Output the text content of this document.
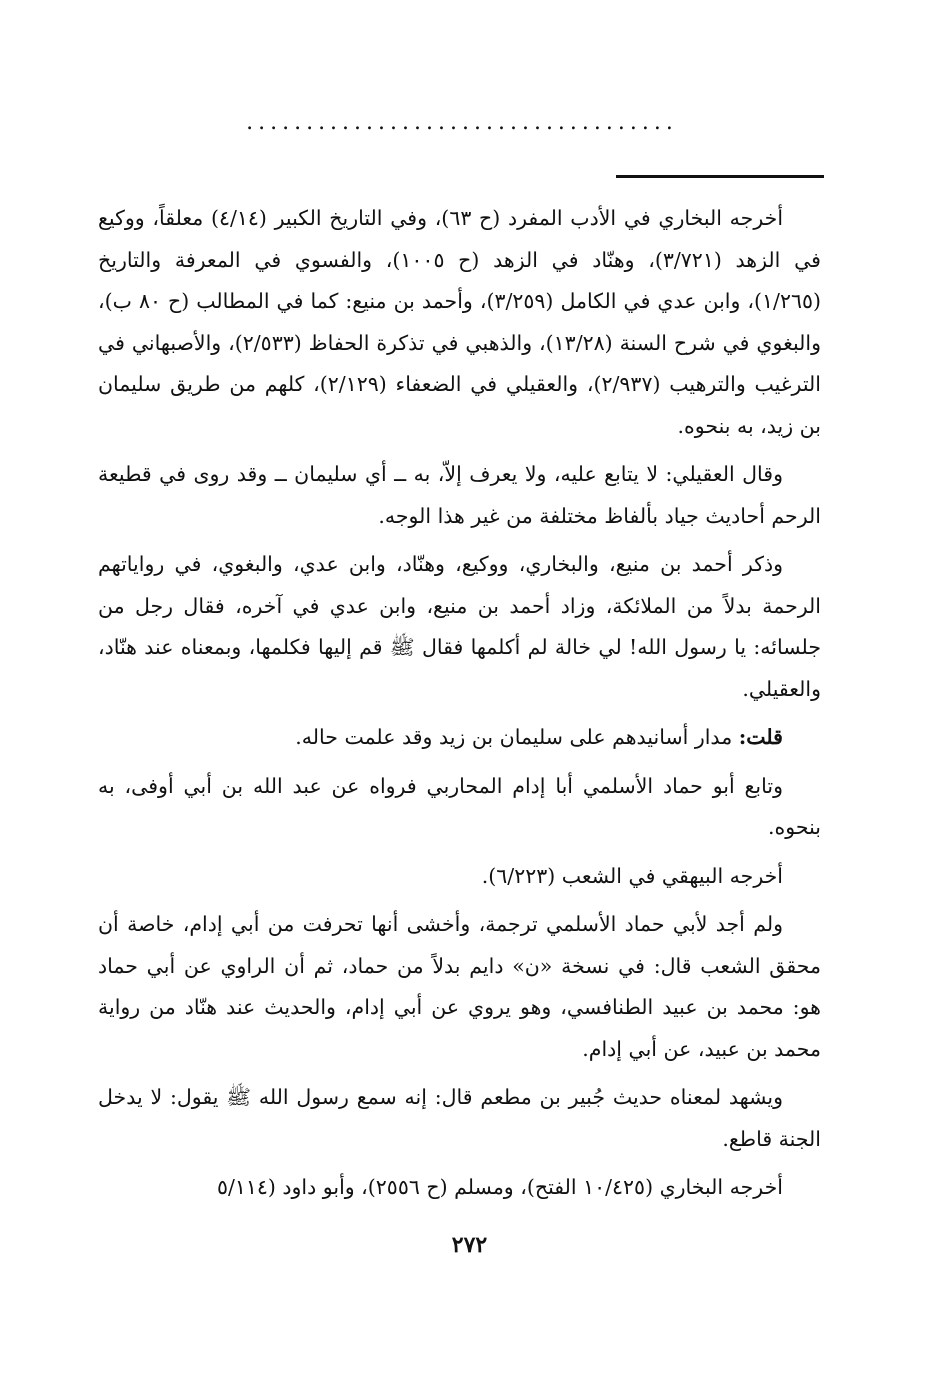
....................................

أخرجه البخاري في الأدب المفرد (ح ٦٣)، وفي التاريخ الكبير (٤/١٤) معلقاً، ووكيع في الزهد (٣/٧٢١)، وهنّاد في الزهد (ح ١٠٠٥)، والفسوي في المعرفة والتاريخ (١/٢٦٥)، وابن عدي في الكامل (٣/٢٥٩)، وأحمد بن منيع: كما في المطالب (ح ٨٠ ب)، والبغوي في شرح السنة (١٣/٢٨)، والذهبي في تذكرة الحفاظ (٢/٥٣٣)، والأصبهاني في الترغيب والترهيب (٢/٩٣٧)، والعقيلي في الضعفاء (٢/١٢٩)، كلهم من طريق سليمان بن زيد، به بنحوه.

وقال العقيلي: لا يتابع عليه، ولا يعرف إلاّ، به ــ أي سليمان ــ وقد روى في قطيعة الرحم أحاديث جياد بألفاظ مختلفة من غير هذا الوجه.

وذكر أحمد بن منيع، والبخاري، ووكيع، وهنّاد، وابن عدي، والبغوي، في رواياتهم الرحمة بدلاً من الملائكة، وزاد أحمد بن منيع، وابن عدي في آخره، فقال رجل من جلسائه: يا رسول الله! لي خالة لم أكلمها فقال ﷺ قم إليها فكلمها، وبمعناه عند هنّاد، والعقيلي.

قلت: مدار أسانيدهم على سليمان بن زيد وقد علمت حاله.

وتابع أبو حماد الأسلمي أبا إدام المحاربي فرواه عن عبد الله بن أبي أوفى، به بنحوه.

أخرجه البيهقي في الشعب (٦/٢٢٣).

ولم أجد لأبي حماد الأسلمي ترجمة، وأخشى أنها تحرفت من أبي إدام، خاصة أن محقق الشعب قال: في نسخة «ن» دايم بدلاً من حماد، ثم أن الراوي عن أبي حماد هو: محمد بن عبيد الطنافسي، وهو يروي عن أبي إدام، والحديث عند هنّاد من رواية محمد بن عبيد، عن أبي إدام.

ويشهد لمعناه حديث جُبير بن مطعم قال: إنه سمع رسول الله ﷺ يقول: لا يدخل الجنة قاطع.

أخرجه البخاري (١٠/٤٢٥ الفتح)، ومسلم (ح ٢٥٥٦)، وأبو داود (٥/١١٤

٢٧٢
